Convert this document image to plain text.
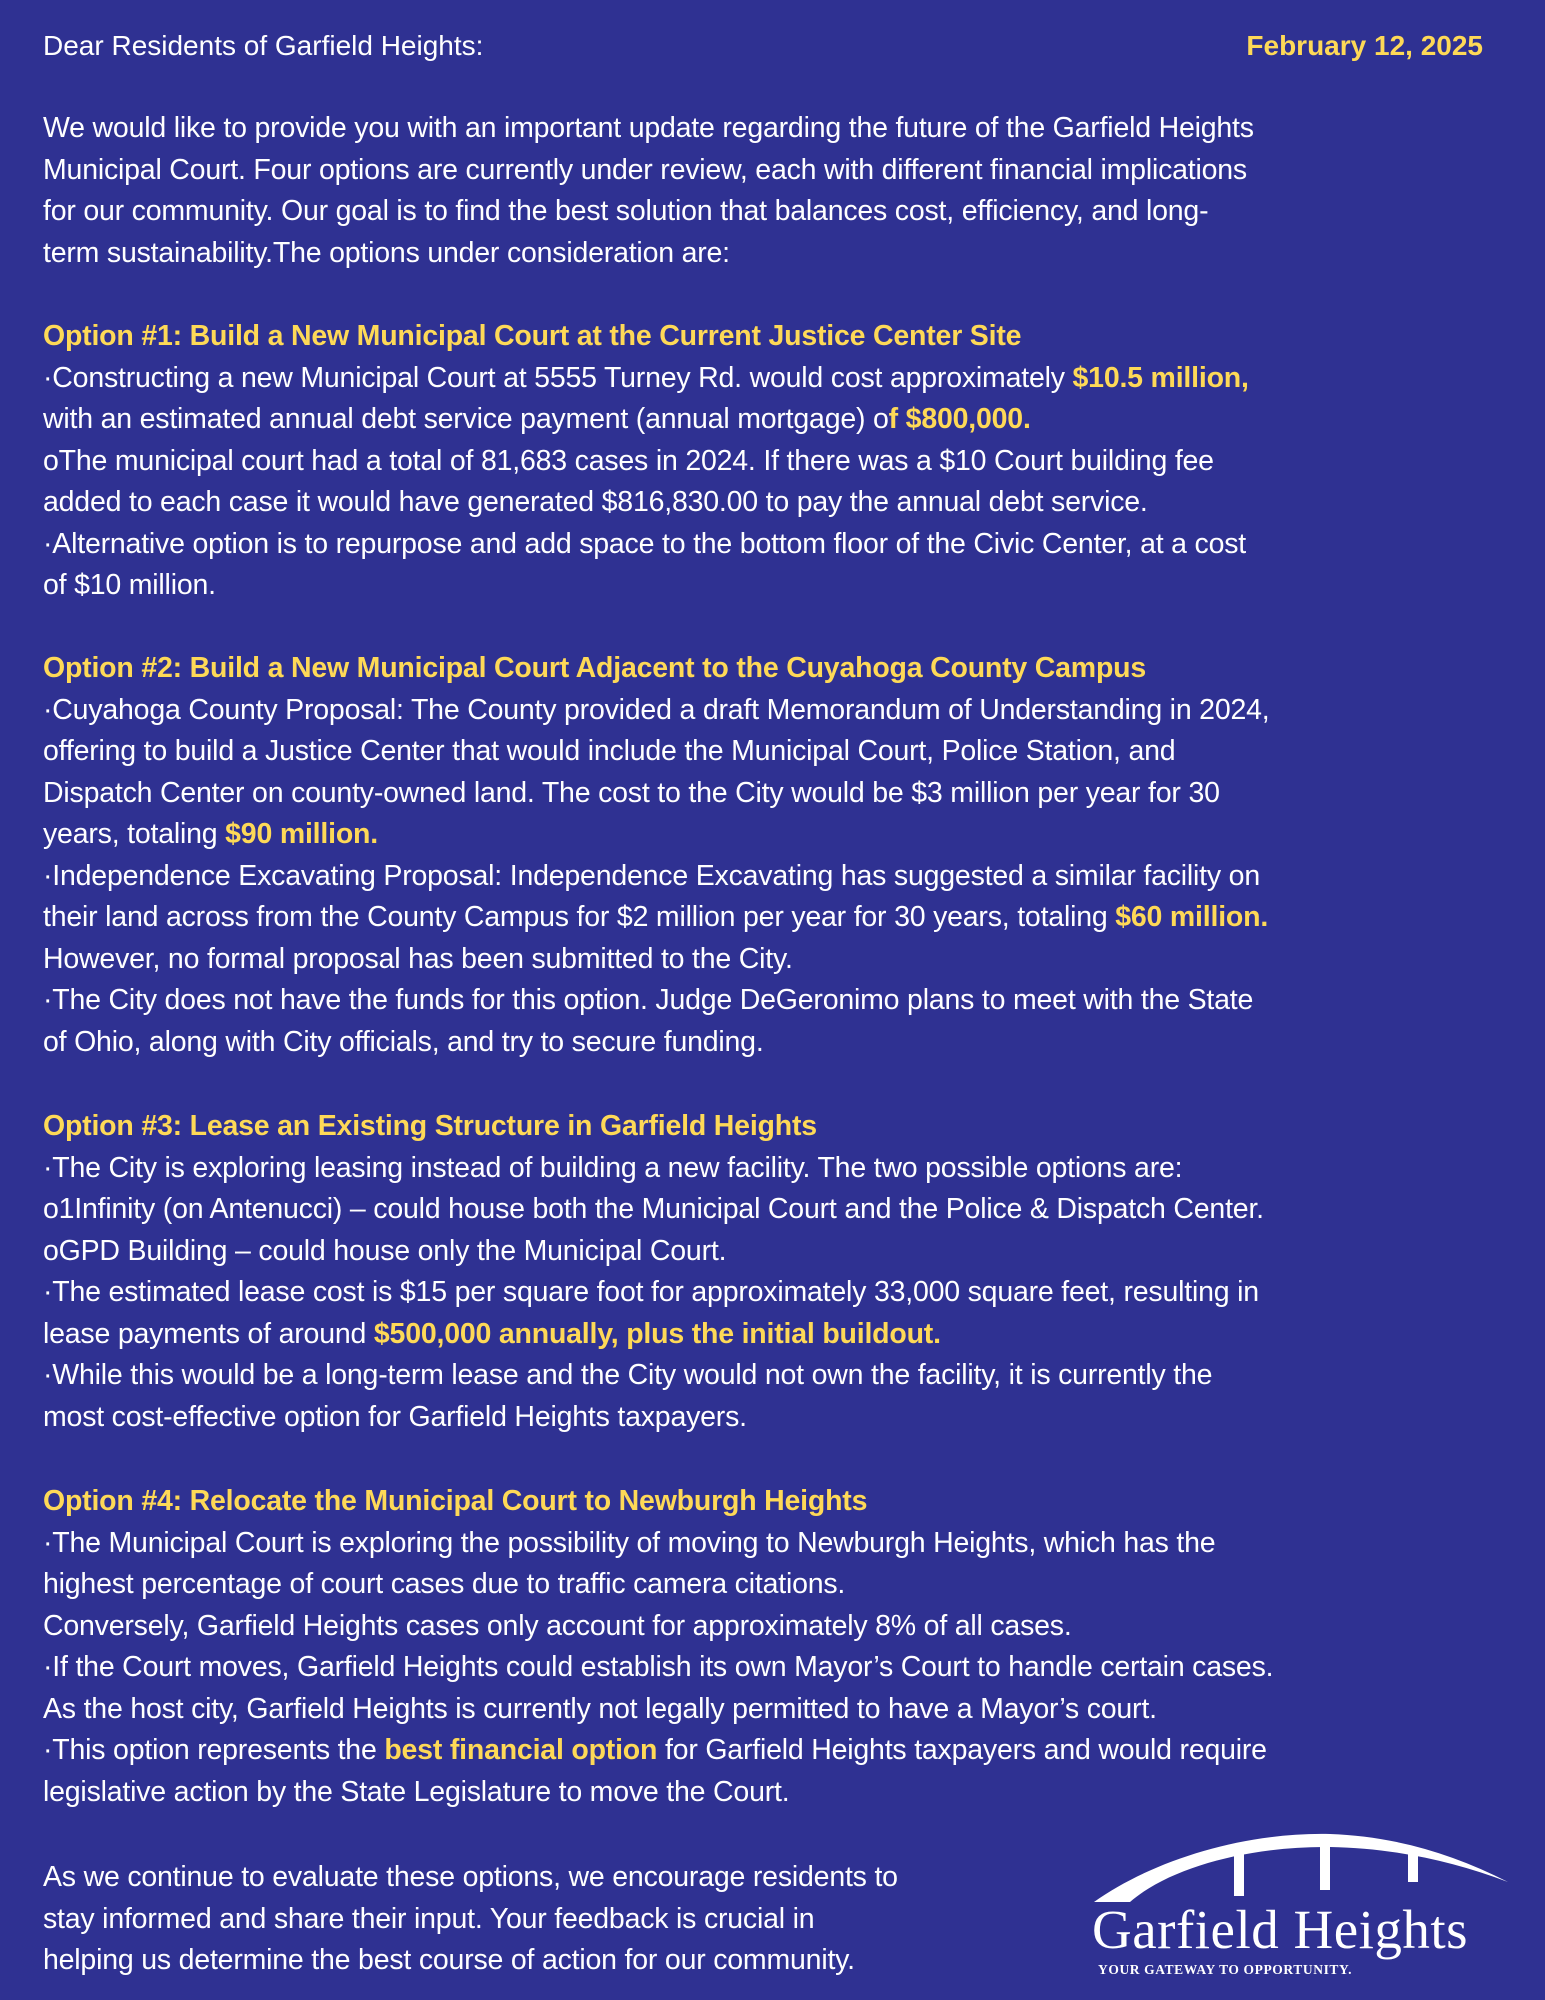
Dear Residents of Garfield Heights:	February 12, 2025
We would like to provide you with an important update regarding the future of the Garfield Heights
Municipal Court. Four options are currently under review, each with different financial implications
for our community. Our goal is to find the best solution that balances cost, efficiency, and long-
term sustainability.The options under consideration are:
Option #1: Build a New Municipal Court at the Current Justice Center Site
·Constructing a new Municipal Court at 5555 Turney Rd. would cost approximately $10.5 million,
with an estimated annual debt service payment (annual mortgage) of $800,000.
oThe municipal court had a total of 81,683 cases in 2024. If there was a $10 Court building fee
added to each case it would have generated $816,830.00 to pay the annual debt service.
·Alternative option is to repurpose and add space to the bottom floor of the Civic Center, at a cost
of $10 million.
Option #2: Build a New Municipal Court Adjacent to the Cuyahoga County Campus
·Cuyahoga County Proposal: The County provided a draft Memorandum of Understanding in 2024,
offering to build a Justice Center that would include the Municipal Court, Police Station, and
Dispatch Center on county-owned land. The cost to the City would be $3 million per year for 30
years, totaling $90 million.
·Independence Excavating Proposal: Independence Excavating has suggested a similar facility on
their land across from the County Campus for $2 million per year for 30 years, totaling $60 million.
However, no formal proposal has been submitted to the City.
·The City does not have the funds for this option. Judge DeGeronimo plans to meet with the State
of Ohio, along with City officials, and try to secure funding.
Option #3: Lease an Existing Structure in Garfield Heights
·The City is exploring leasing instead of building a new facility. The two possible options are:
o1Infinity (on Antenucci) – could house both the Municipal Court and the Police & Dispatch Center.
oGPD Building – could house only the Municipal Court.
·The estimated lease cost is $15 per square foot for approximately 33,000 square feet, resulting in
lease payments of around $500,000 annually, plus the initial buildout.
·While this would be a long-term lease and the City would not own the facility, it is currently the
most cost-effective option for Garfield Heights taxpayers.
Option #4: Relocate the Municipal Court to Newburgh Heights
·The Municipal Court is exploring the possibility of moving to Newburgh Heights, which has the
highest percentage of court cases due to traffic camera citations.
Conversely, Garfield Heights cases only account for approximately 8% of all cases.
·If the Court moves, Garfield Heights could establish its own Mayor’s Court to handle certain cases.
As the host city, Garfield Heights is currently not legally permitted to have a Mayor’s court.
·This option represents the best financial option for Garfield Heights taxpayers and would require
legislative action by the State Legislature to move the Court.
As we continue to evaluate these options, we encourage residents to
stay informed and share their input. Your feedback is crucial in
helping us determine the best course of action for our community.	Garfield Heights
YOUR GATEWAY TO OPPORTUNITY.
